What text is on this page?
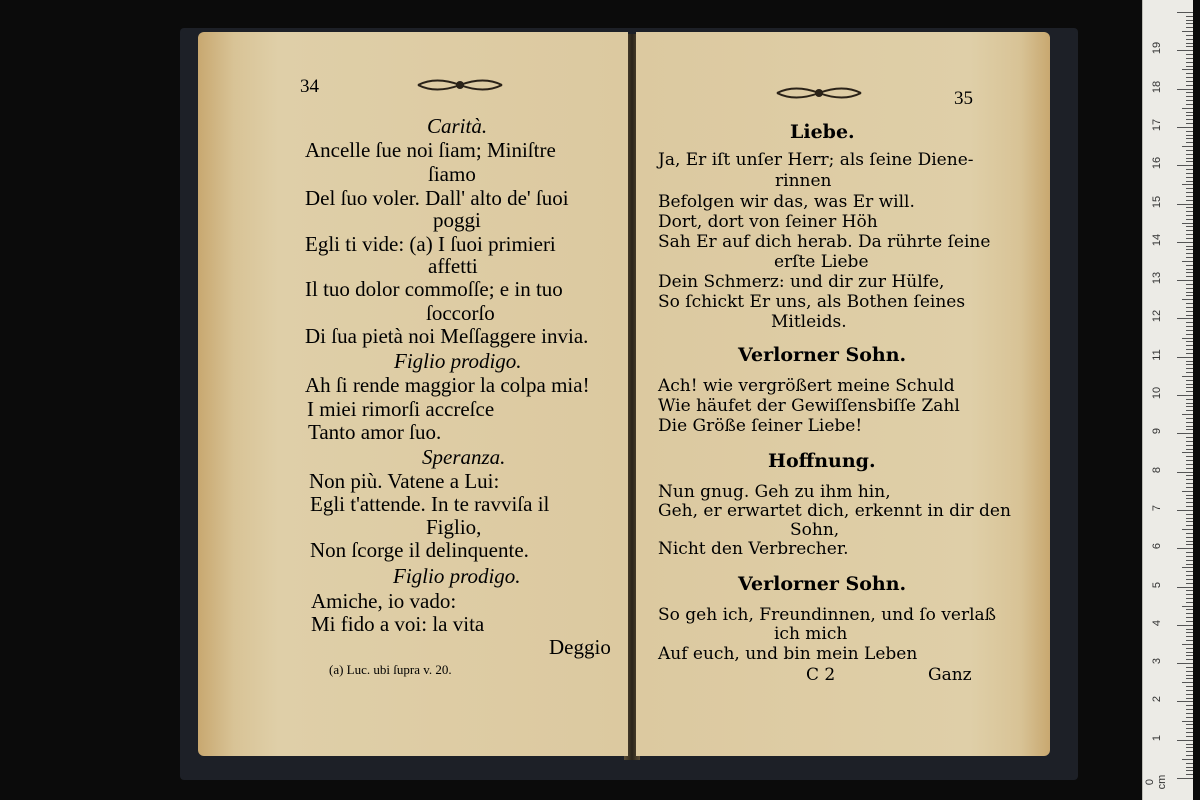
34
Carità.
Ancelle ſue noi ſiam; Miniſtre
ſiamo
Del ſuo voler. Dall' alto de' ſuoi
poggi
Egli ti vide: (a) I ſuoi primieri
affetti
Il tuo dolor commoſſe; e in tuo
ſoccorſo
Di ſua pietà noi Meſſaggere invia.
Figlio prodigo.
Ah ſi rende maggior la colpa mia!
I miei rimorſi accreſce
Tanto amor ſuo.
Speranza.
Non più. Vatene a Lui:
Egli t'attende. In te ravviſa il
Figlio,
Non ſcorge il delinquente.
Figlio prodigo.
Amiche, io vado:
Mi fido a voi: la vita
Deggio
(a) Luc. ubi ſupra v. 20.
35
Liebe.
Ja, Er iſt unſer Herr; als ſeine Diene-
rinnen
Befolgen wir das, was Er will.
Dort, dort von ſeiner Höh
Sah Er auf dich herab. Da rührte ſeine
erſte Liebe
Dein Schmerz: und dir zur Hülfe,
So ſchickt Er uns, als Bothen ſeines
Mitleids.
Verlorner Sohn.
Ach! wie vergrößert meine Schuld
Wie häufet der Gewiſſensbiſſe Zahl
Die Größe ſeiner Liebe!
Hoffnung.
Nun gnug. Geh zu ihm hin,
Geh, er erwartet dich, erkennt in dir den
Sohn,
Nicht den Verbrecher.
Verlorner Sohn.
So geh ich, Freundinnen, und ſo verlaß
ich mich
Auf euch, und bin mein Leben
C 2	Ganz
1
2
3
4
5
6
7
8
9
10
11
12
13
14
15
16
17
18
19
0 cm
